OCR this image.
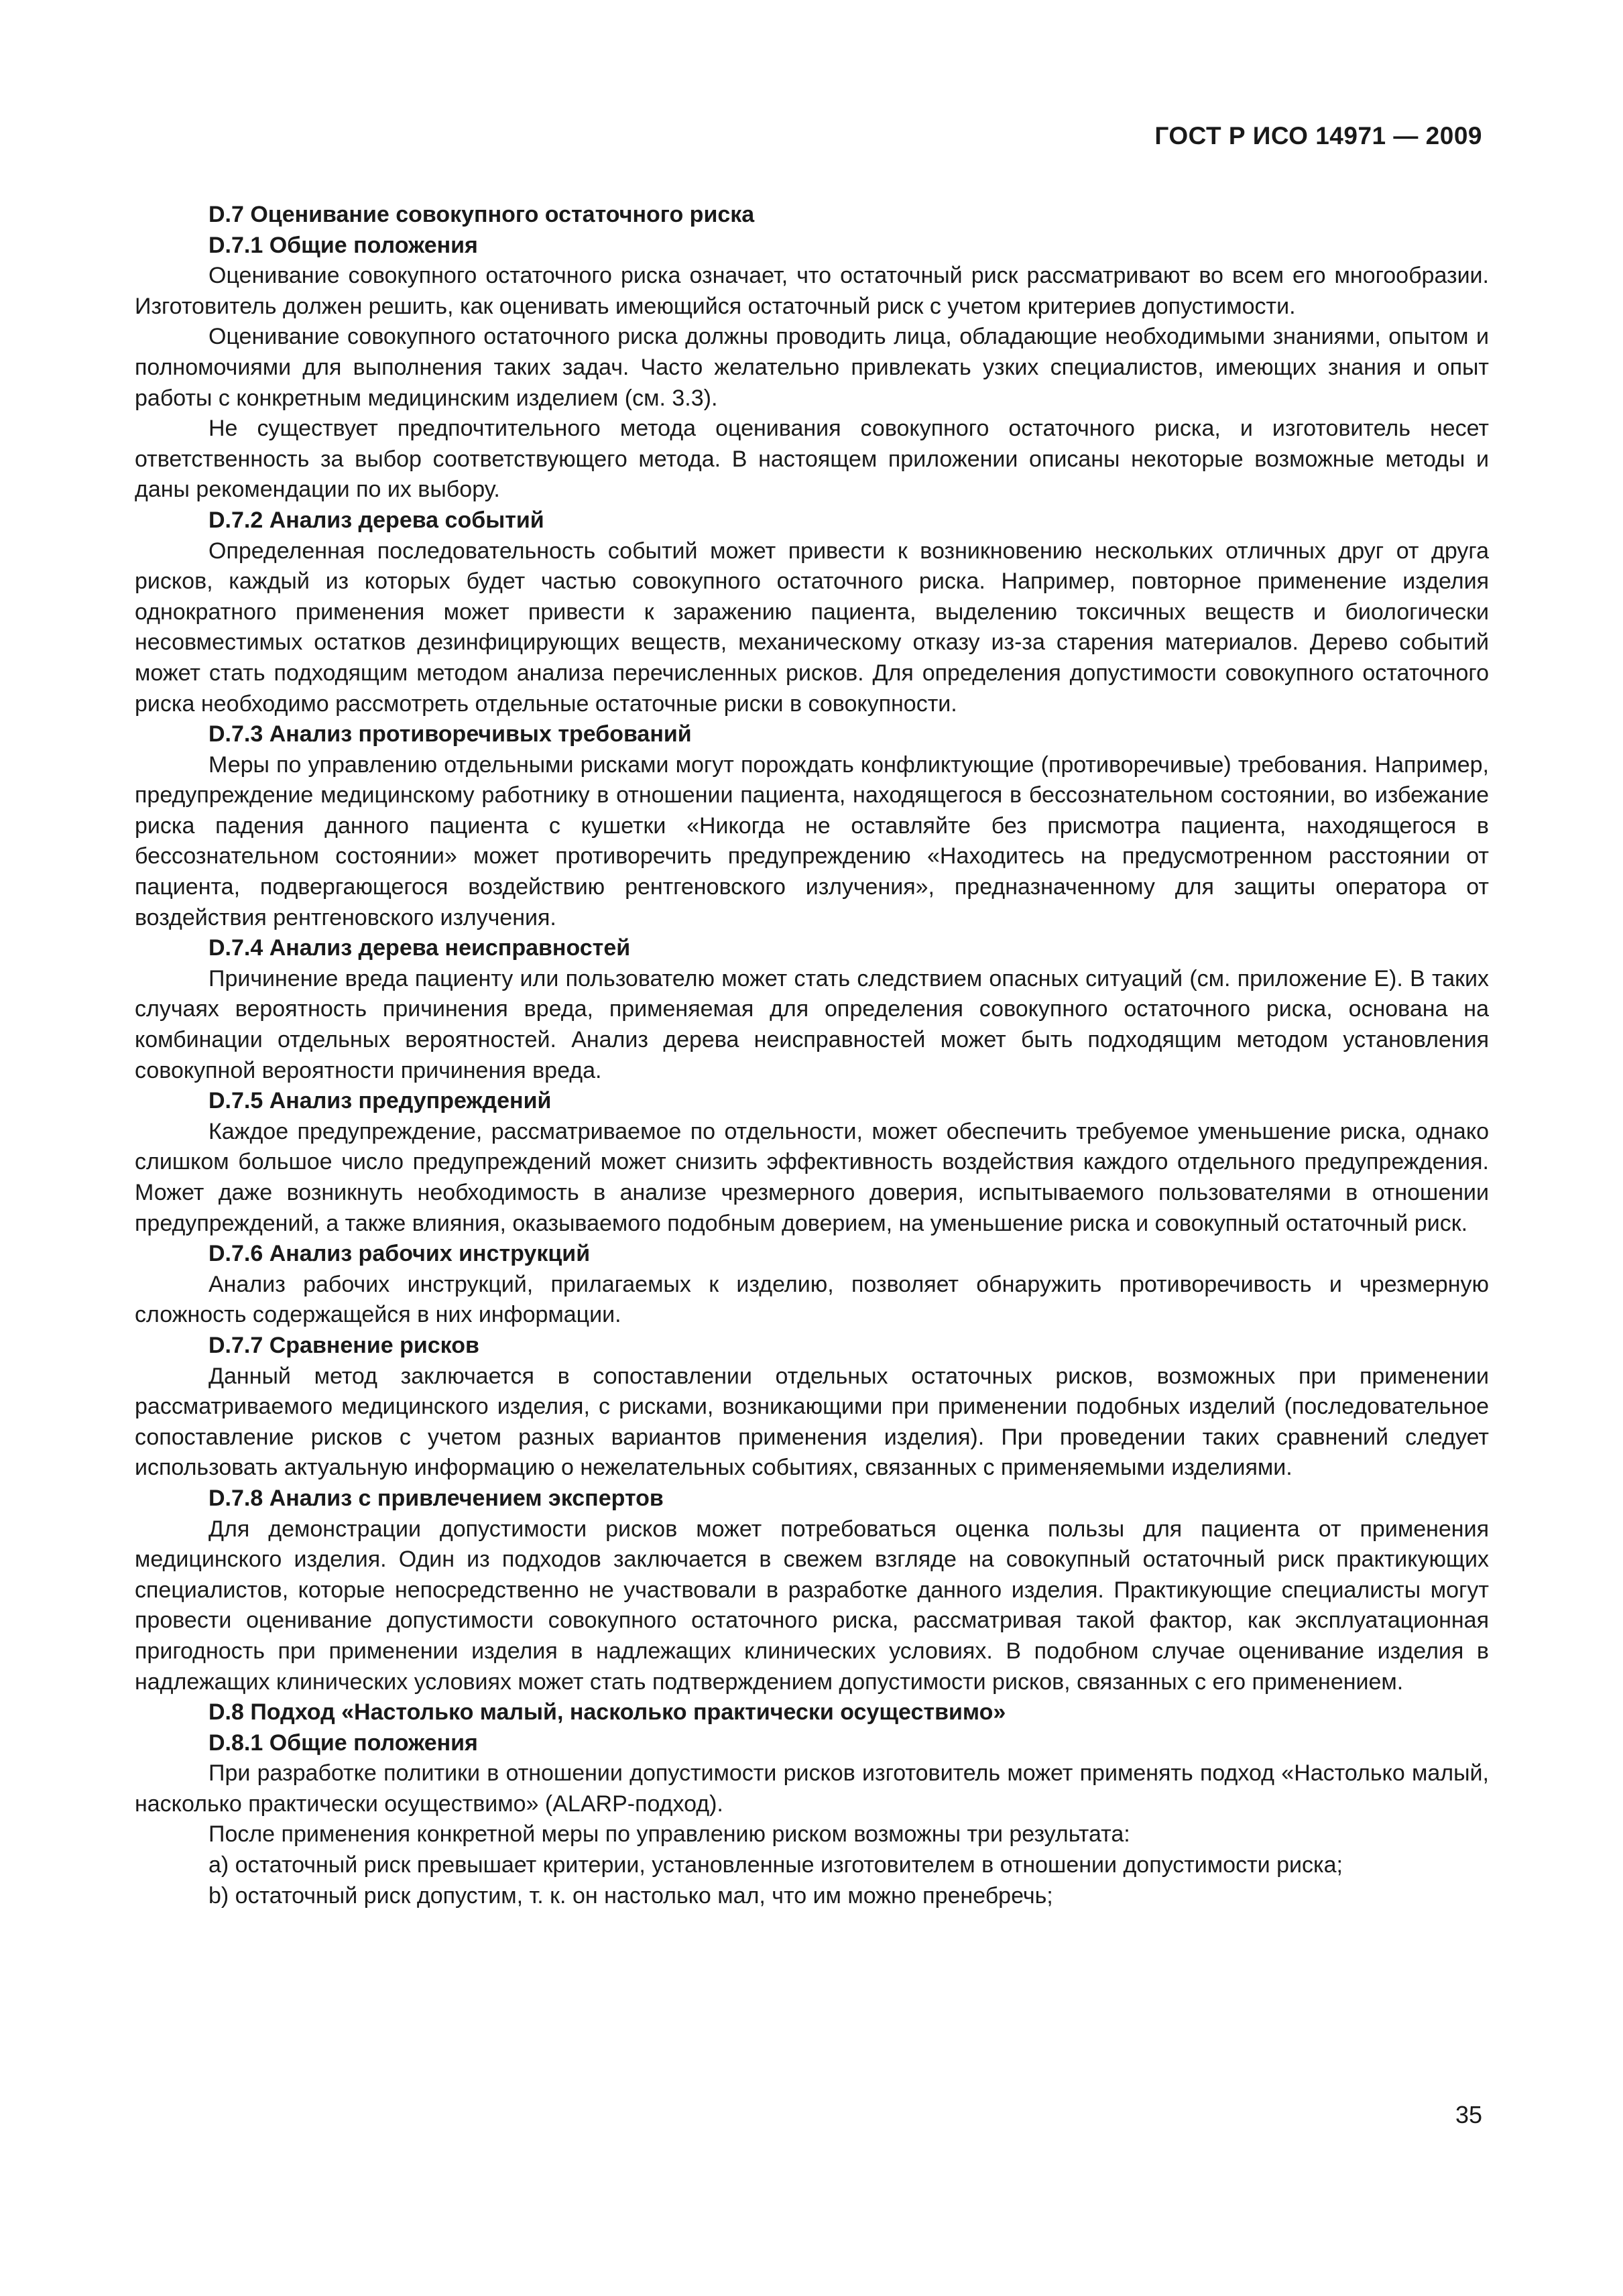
ГОСТ Р ИСО 14971 — 2009
D.7 Оценивание совокупного остаточного риска
D.7.1 Общие положения

Оценивание совокупного остаточного риска означает, что остаточный риск рассматривают во всем его многообразии. Изготовитель должен решить, как оценивать имеющийся остаточный риск с учетом критериев допустимости.

Оценивание совокупного остаточного риска должны проводить лица, обладающие необходимыми знаниями, опытом и полномочиями для выполнения таких задач. Часто желательно привлекать узких специалистов, имеющих знания и опыт работы с конкретным медицинским изделием (см. 3.3).

Не существует предпочтительного метода оценивания совокупного остаточного риска, и изготовитель несет ответственность за выбор соответствующего метода. В настоящем приложении описаны некоторые возможные методы и даны рекомендации по их выбору.

D.7.2 Анализ дерева событий

Определенная последовательность событий может привести к возникновению нескольких отличных друг от друга рисков, каждый из которых будет частью совокупного остаточного риска. Например, повторное применение изделия однократного применения может привести к заражению пациента, выделению токсичных веществ и биологически несовместимых остатков дезинфицирующих веществ, механическому отказу из-за старения материалов. Дерево событий может стать подходящим методом анализа перечисленных рисков. Для определения допустимости совокупного остаточного риска необходимо рассмотреть отдельные остаточные риски в совокупности.

D.7.3 Анализ противоречивых требований

Меры по управлению отдельными рисками могут порождать конфликтующие (противоречивые) требования. Например, предупреждение медицинскому работнику в отношении пациента, находящегося в бессознательном состоянии, во избежание риска падения данного пациента с кушетки «Никогда не оставляйте без присмотра пациента, находящегося в бессознательном состоянии» может противоречить предупреждению «Находитесь на предусмотренном расстоянии от пациента, подвергающегося воздействию рентгеновского излучения», предназначенному для защиты оператора от воздействия рентгеновского излучения.

D.7.4 Анализ дерева неисправностей

Причинение вреда пациенту или пользователю может стать следствием опасных ситуаций (см. приложение Е). В таких случаях вероятность причинения вреда, применяемая для определения совокупного остаточного риска, основана на комбинации отдельных вероятностей. Анализ дерева неисправностей может быть подходящим методом установления совокупной вероятности причинения вреда.

D.7.5 Анализ предупреждений

Каждое предупреждение, рассматриваемое по отдельности, может обеспечить требуемое уменьшение риска, однако слишком большое число предупреждений может снизить эффективность воздействия каждого отдельного предупреждения. Может даже возникнуть необходимость в анализе чрезмерного доверия, испытываемого пользователями в отношении предупреждений, а также влияния, оказываемого подобным доверием, на уменьшение риска и совокупный остаточный риск.

D.7.6 Анализ рабочих инструкций

Анализ рабочих инструкций, прилагаемых к изделию, позволяет обнаружить противоречивость и чрезмерную сложность содержащейся в них информации.

D.7.7 Сравнение рисков

Данный метод заключается в сопоставлении отдельных остаточных рисков, возможных при применении рассматриваемого медицинского изделия, с рисками, возникающими при применении подобных изделий (последовательное сопоставление рисков с учетом разных вариантов применения изделия). При проведении таких сравнений следует использовать актуальную информацию о нежелательных событиях, связанных с применяемыми изделиями.

D.7.8 Анализ с привлечением экспертов

Для демонстрации допустимости рисков может потребоваться оценка пользы для пациента от применения медицинского изделия. Один из подходов заключается в свежем взгляде на совокупный остаточный риск практикующих специалистов, которые непосредственно не участвовали в разработке данного изделия. Практикующие специалисты могут провести оценивание допустимости совокупного остаточного риска, рассматривая такой фактор, как эксплуатационная пригодность при применении изделия в надлежащих клинических условиях. В подобном случае оценивание изделия в надлежащих клинических условиях может стать подтверждением допустимости рисков, связанных с его применением.

D.8 Подход «Настолько малый, насколько практически осуществимо»
D.8.1 Общие положения

При разработке политики в отношении допустимости рисков изготовитель может применять подход «Настолько малый, насколько практически осуществимо» (ALARP-подход).

После применения конкретной меры по управлению риском возможны три результата:

a) остаточный риск превышает критерии, установленные изготовителем в отношении допустимости риска;

b) остаточный риск допустим, т. к. он настолько мал, что им можно пренебречь;

35
